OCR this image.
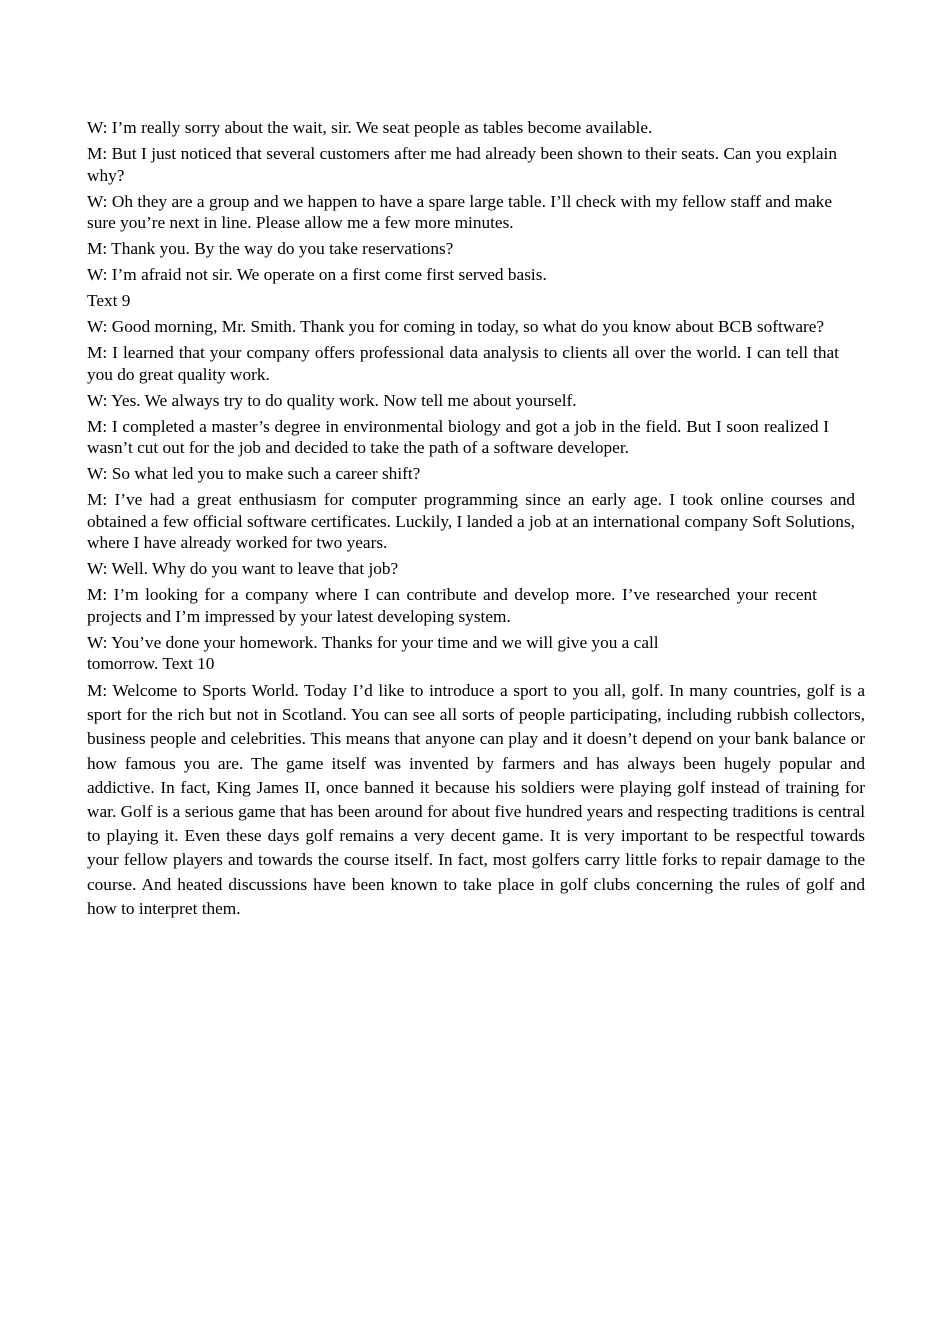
W: I’m really sorry about the wait, sir. We seat people as tables become available.

M: But I just noticed that several customers after me had already been shown to their seats. Can you explain why?

W: Oh they are a group and we happen to have a spare large table. I’ll check with my fellow staff and make sure you’re next in line. Please allow me a few more minutes.

M: Thank you. By the way do you take reservations?

W: I’m afraid not sir. We operate on a first come first served basis.

Text 9

W: Good morning, Mr. Smith. Thank you for coming in today, so what do you know about BCB software?

M: I learned that your company offers professional data analysis to clients all over the world. I can tell that you do great quality work.

W: Yes. We always try to do quality work. Now tell me about yourself.

M: I completed a master’s degree in environmental biology and got a job in the field. But I soon realized I wasn’t cut out for the job and decided to take the path of a software developer.

W: So what led you to make such a career shift?

M: I’ve had a great enthusiasm for computer programming since an early age. I took online courses and obtained a few official software certificates. Luckily, I landed a job at an international company Soft Solutions, where I have already worked for two years.

W: Well. Why do you want to leave that job?

M: I’m looking for a company where I can contribute and develop more. I’ve researched your recent projects and I’m impressed by your latest developing system.

W: You’ve done your homework. Thanks for your time and we will give you a call

tomorrow. Text 10

M: Welcome to Sports World. Today I’d like to introduce a sport to you all, golf. In many countries, golf is a sport for the rich but not in Scotland. You can see all sorts of people participating, including rubbish collectors, business people and celebrities. This means that anyone can play and it doesn’t depend on your bank balance or how famous you are. The game itself was invented by farmers and has always been hugely popular and addictive. In fact, King James II, once banned it because his soldiers were playing golf instead of training for war. Golf is a serious game that has been around for about five hundred years and respecting traditions is central to playing it. Even these days golf remains a very decent game. It is very important to be respectful towards your fellow players and towards the course itself. In fact, most golfers carry little forks to repair damage to the course. And heated discussions have been known to take place in golf clubs concerning the rules of golf and how to interpret them.
